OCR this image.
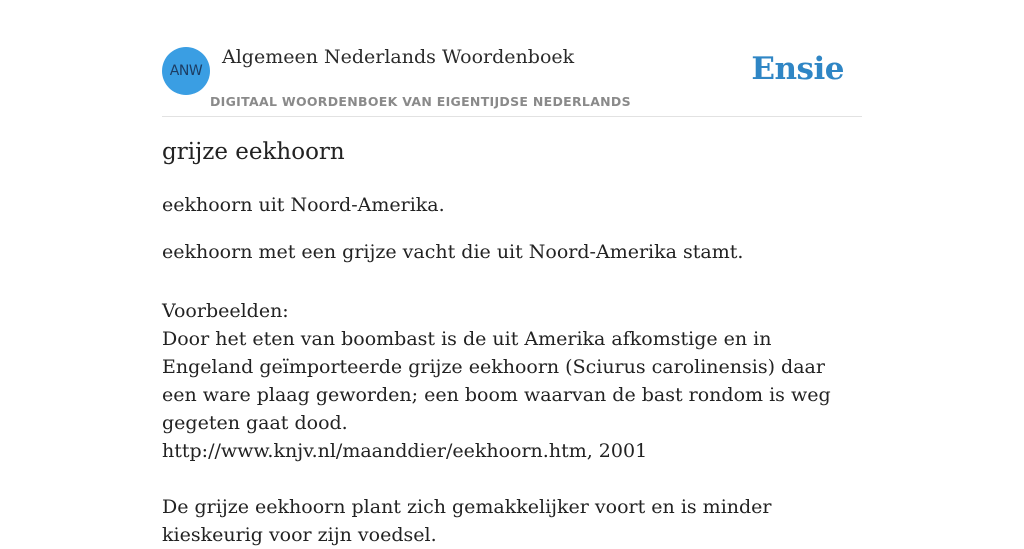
ANW
Algemeen Nederlands Woordenboek
DIGITAAL WOORDENBOEK VAN EIGENTIJDSE NEDERLANDS
Ensie
grijze eekhoorn
eekhoorn uit Noord-Amerika.
eekhoorn met een grijze vacht die uit Noord-Amerika stamt.
Voorbeelden:
Door het eten van boombast is de uit Amerika afkomstige en in Engeland geïmporteerde grijze eekhoorn (Sciurus carolinensis) daar een ware plaag geworden; een boom waarvan de bast rondom is weg gegeten gaat dood.
http://www.knjv.nl/maanddier/eekhoorn.htm, 2001
De grijze eekhoorn plant zich gemakkelijker voort en is minder kieskeurig voor zijn voedsel.
